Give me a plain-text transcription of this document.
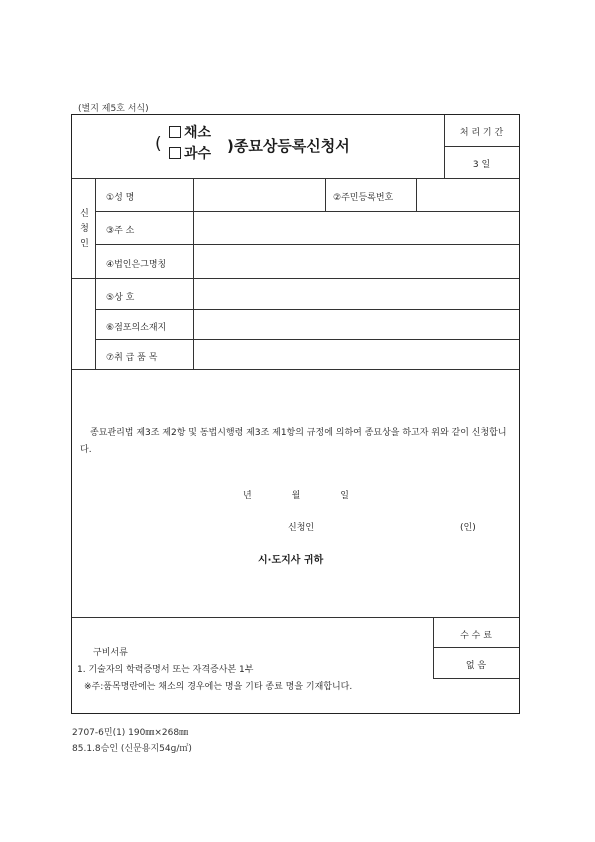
(별지 제5호 서식)
(
채소
과수 )종묘상등록신청서
처 리 기 간
3 일
신청인
①성 명	②주민등록번호
③주 소
④법인은그명칭
⑤상 호
⑥점포의소재지
⑦취 급 품 목
종묘관리법 제3조 제2항 및 동법시행령 제3조 제1항의 규정에 의하여 종묘상을 하고자 위와 같이 신청합니다.
년	월	일
신청인	(인)
시·도지사 귀하
수 수 료
없 음
구비서류
1. 기술자의 학력증명서 또는 자격증사본 1부
※주:품목명란에는 채소의 경우에는 명을 기타 종료 명을 기재합니다.
2707-6민(1) 190㎜×268㎜
85.1.8승인 (신문용지54g/㎡)
